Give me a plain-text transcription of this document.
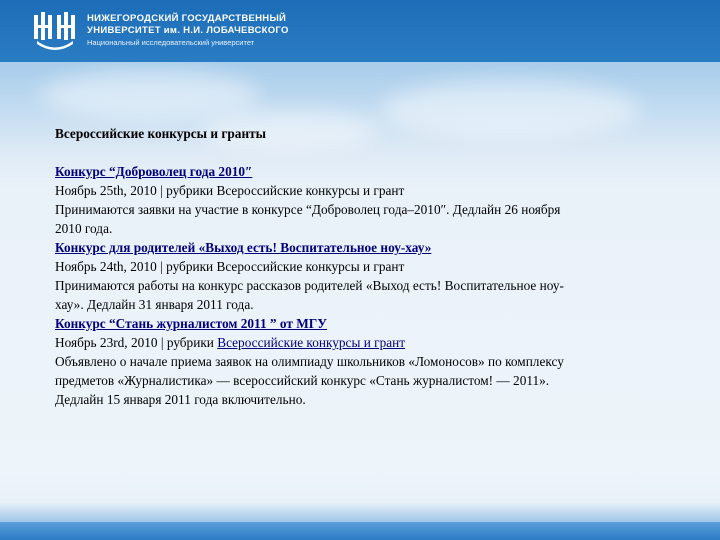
НИЖЕГОРОДСКИЙ ГОСУДАРСТВЕННЫЙ
УНИВЕРСИТЕТ им. Н.И. ЛОБАЧЕВСКОГО
Национальный исследовательский университет
Всероссийские конкурсы и гранты
Конкурс “Доброволец года 2010″
Ноябрь 25th, 2010 | рубрики Всероссийские конкурсы и грант
Принимаются заявки на участие в конкурсе “Доброволец года–2010″. Дедлайн 26 ноября
2010 года.
Конкурс для родителей «Выход есть! Воспитательное ноу-хау»
Ноябрь 24th, 2010 | рубрики Всероссийские конкурсы и грант
Принимаются работы на конкурс рассказов родителей «Выход есть! Воспитательное ноу-
хау». Дедлайн 31 января 2011 года.
Конкурс “Стань журналистом 2011 ” от МГУ
Ноябрь 23rd, 2010 | рубрики Всероссийские конкурсы и грант
Объявлено о начале приема заявок на олимпиаду школьников «Ломоносов» по комплексу
предметов «Журналистика» — всероссийский конкурс «Стань журналистом! — 2011».
Дедлайн 15 января 2011 года включительно.
